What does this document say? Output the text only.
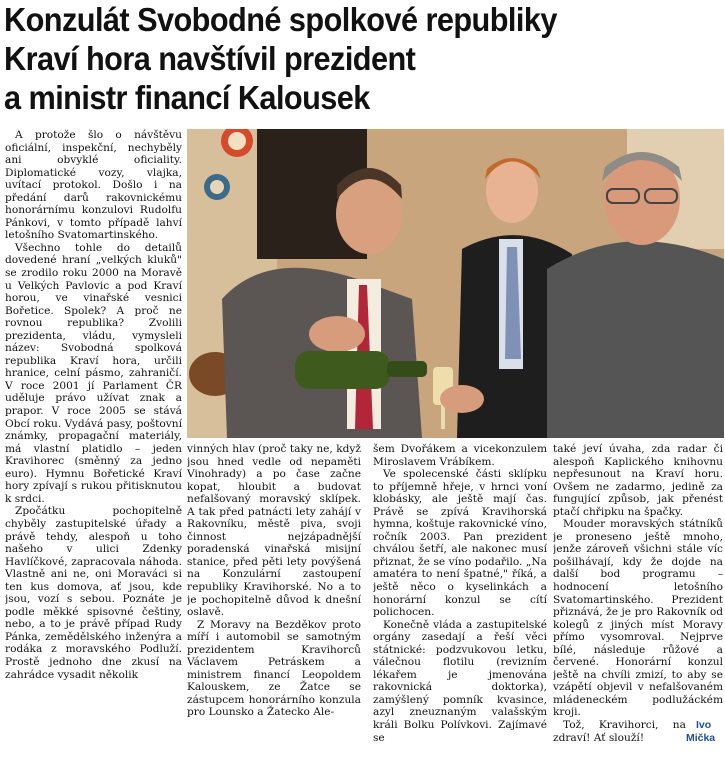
Konzulát Svobodné spolkové republiky
Kraví hora navštívil prezident
a ministr financí Kalousek

A protože šlo o návštěvu oficiální, inspekční, nechyběly ani obvyklé oficiality. Diplomatické vozy, vlajka, uvítací protokol. Došlo i na předání darů rakovnickému honorárnímu konzulovi Rudolfu Pánkovi, v tomto případě lahví letošního Svatomartinského.

Všechno tohle do detailů dovedené hraní „velkých kluků" se zrodilo roku 2000 na Moravě u Velkých Pavlovic a pod Kraví horou, ve vinařské vesnici Bořetice. Spolek? A proč ne rovnou republika? Zvolili prezidenta, vládu, vymysleli název: Svobodná spolková republika Kraví hora, určili hranice, celní pásmo, zahraničí. V roce 2001 jí Parlament ČR uděluje právo užívat znak a prapor. V roce 2005 se stává Obcí roku. Vydává pasy, poštovní známky, propagační materiály, má vlastní platidlo – jeden Kravihorec (směnný za jedno euro). Hymnu Bořetické Kraví hory zpívají s rukou přitisknutou k srdci.

Zpočátku pochopitelně chyběly zastupitelské úřady a právě tehdy, alespoň u toho našeho v ulici Zdenky Havlíčkové, zapracovala náhoda. Vlastně ani ne, oni Moraváci si ten kus domova, ať jsou, kde jsou, vozí s sebou. Poznáte je podle měkké spisovné češtiny, nebo, a to je právě případ Rudy Pánka, zemědělského inženýra a rodáka z moravského Podluží. Prostě jednoho dne zkusí na zahrádce vysadit několik

vinných hlav (proč taky ne, když jsou hned vedle od nepaměti Vinohrady) a po čase začne kopat, hloubit a budovat nefalšovaný moravský sklípek. A tak před patnácti lety zahájí v Rakovníku, městě piva, svoji činnost nejzápadnější poradenská vinařská misijní stanice, před pěti lety povýšená na Konzulární zastoupení republiky Kravihorské. No a to je pochopitelně důvod k dnešní oslavě.

Z Moravy na Bezděkov proto míří i automobil se samotným prezidentem Kravihorců Václavem Petráskem a ministrem financí Leopoldem Kalouskem, ze Žatce se zástupcem honorárního konzula pro Lounsko a Žatecko Ale-

šem Dvořákem a vicekonzulem Miroslavem Vrábíkem.

Ve spolecenské části sklípku to příjemně hřeje, v hrnci voní klobásky, ale ještě mají čas. Právě se zpívá Kravihorská hymna, koštuje rakovnické víno, ročník 2003. Pan prezident chválou šetří, ale nakonec musí přiznat, že se víno podařilo. „Na amatéra to není špatné," říká, a ještě něco o kyselinkách a honorární konzul se cítí polichocen.

Konečně vláda a zastupitelské orgány zasedají a řeší věci státnické: podzvukovou letku, válečnou flotilu (revizním lékařem je jmenována rakovnická doktorka), zamýšlený pomník kvasince, azyl zneuznaným valašským králi Bolku Polívkovi. Zajímavé se

také jeví úvaha, zda radar či alespoň Kaplického knihovnu nepřesunout na Kraví horu. Ovšem ne zadarmo, jedině za fungující způsob, jak přenést ptačí chřipku na špačky.

Mouder moravských státníků je proneseno ještě mnoho, jenže zároveň všichni stále víc pošilhávají, kdy že dojde na další bod programu – hodnocení letošního Svatomartinského. Prezident přiznává, že je pro Rakovník od kolegů z jiných míst Moravy přímo vysomroval. Nejprve bílé, následuje růžové a červené. Honorární konzul ještě na chvíli zmizí, to aby se vzápětí objevil v nefalšovaném mládeneckém podlužáckém kroji.

Tož, Kravihorci, na zdraví! Ať slouží!
Ivo Mička
